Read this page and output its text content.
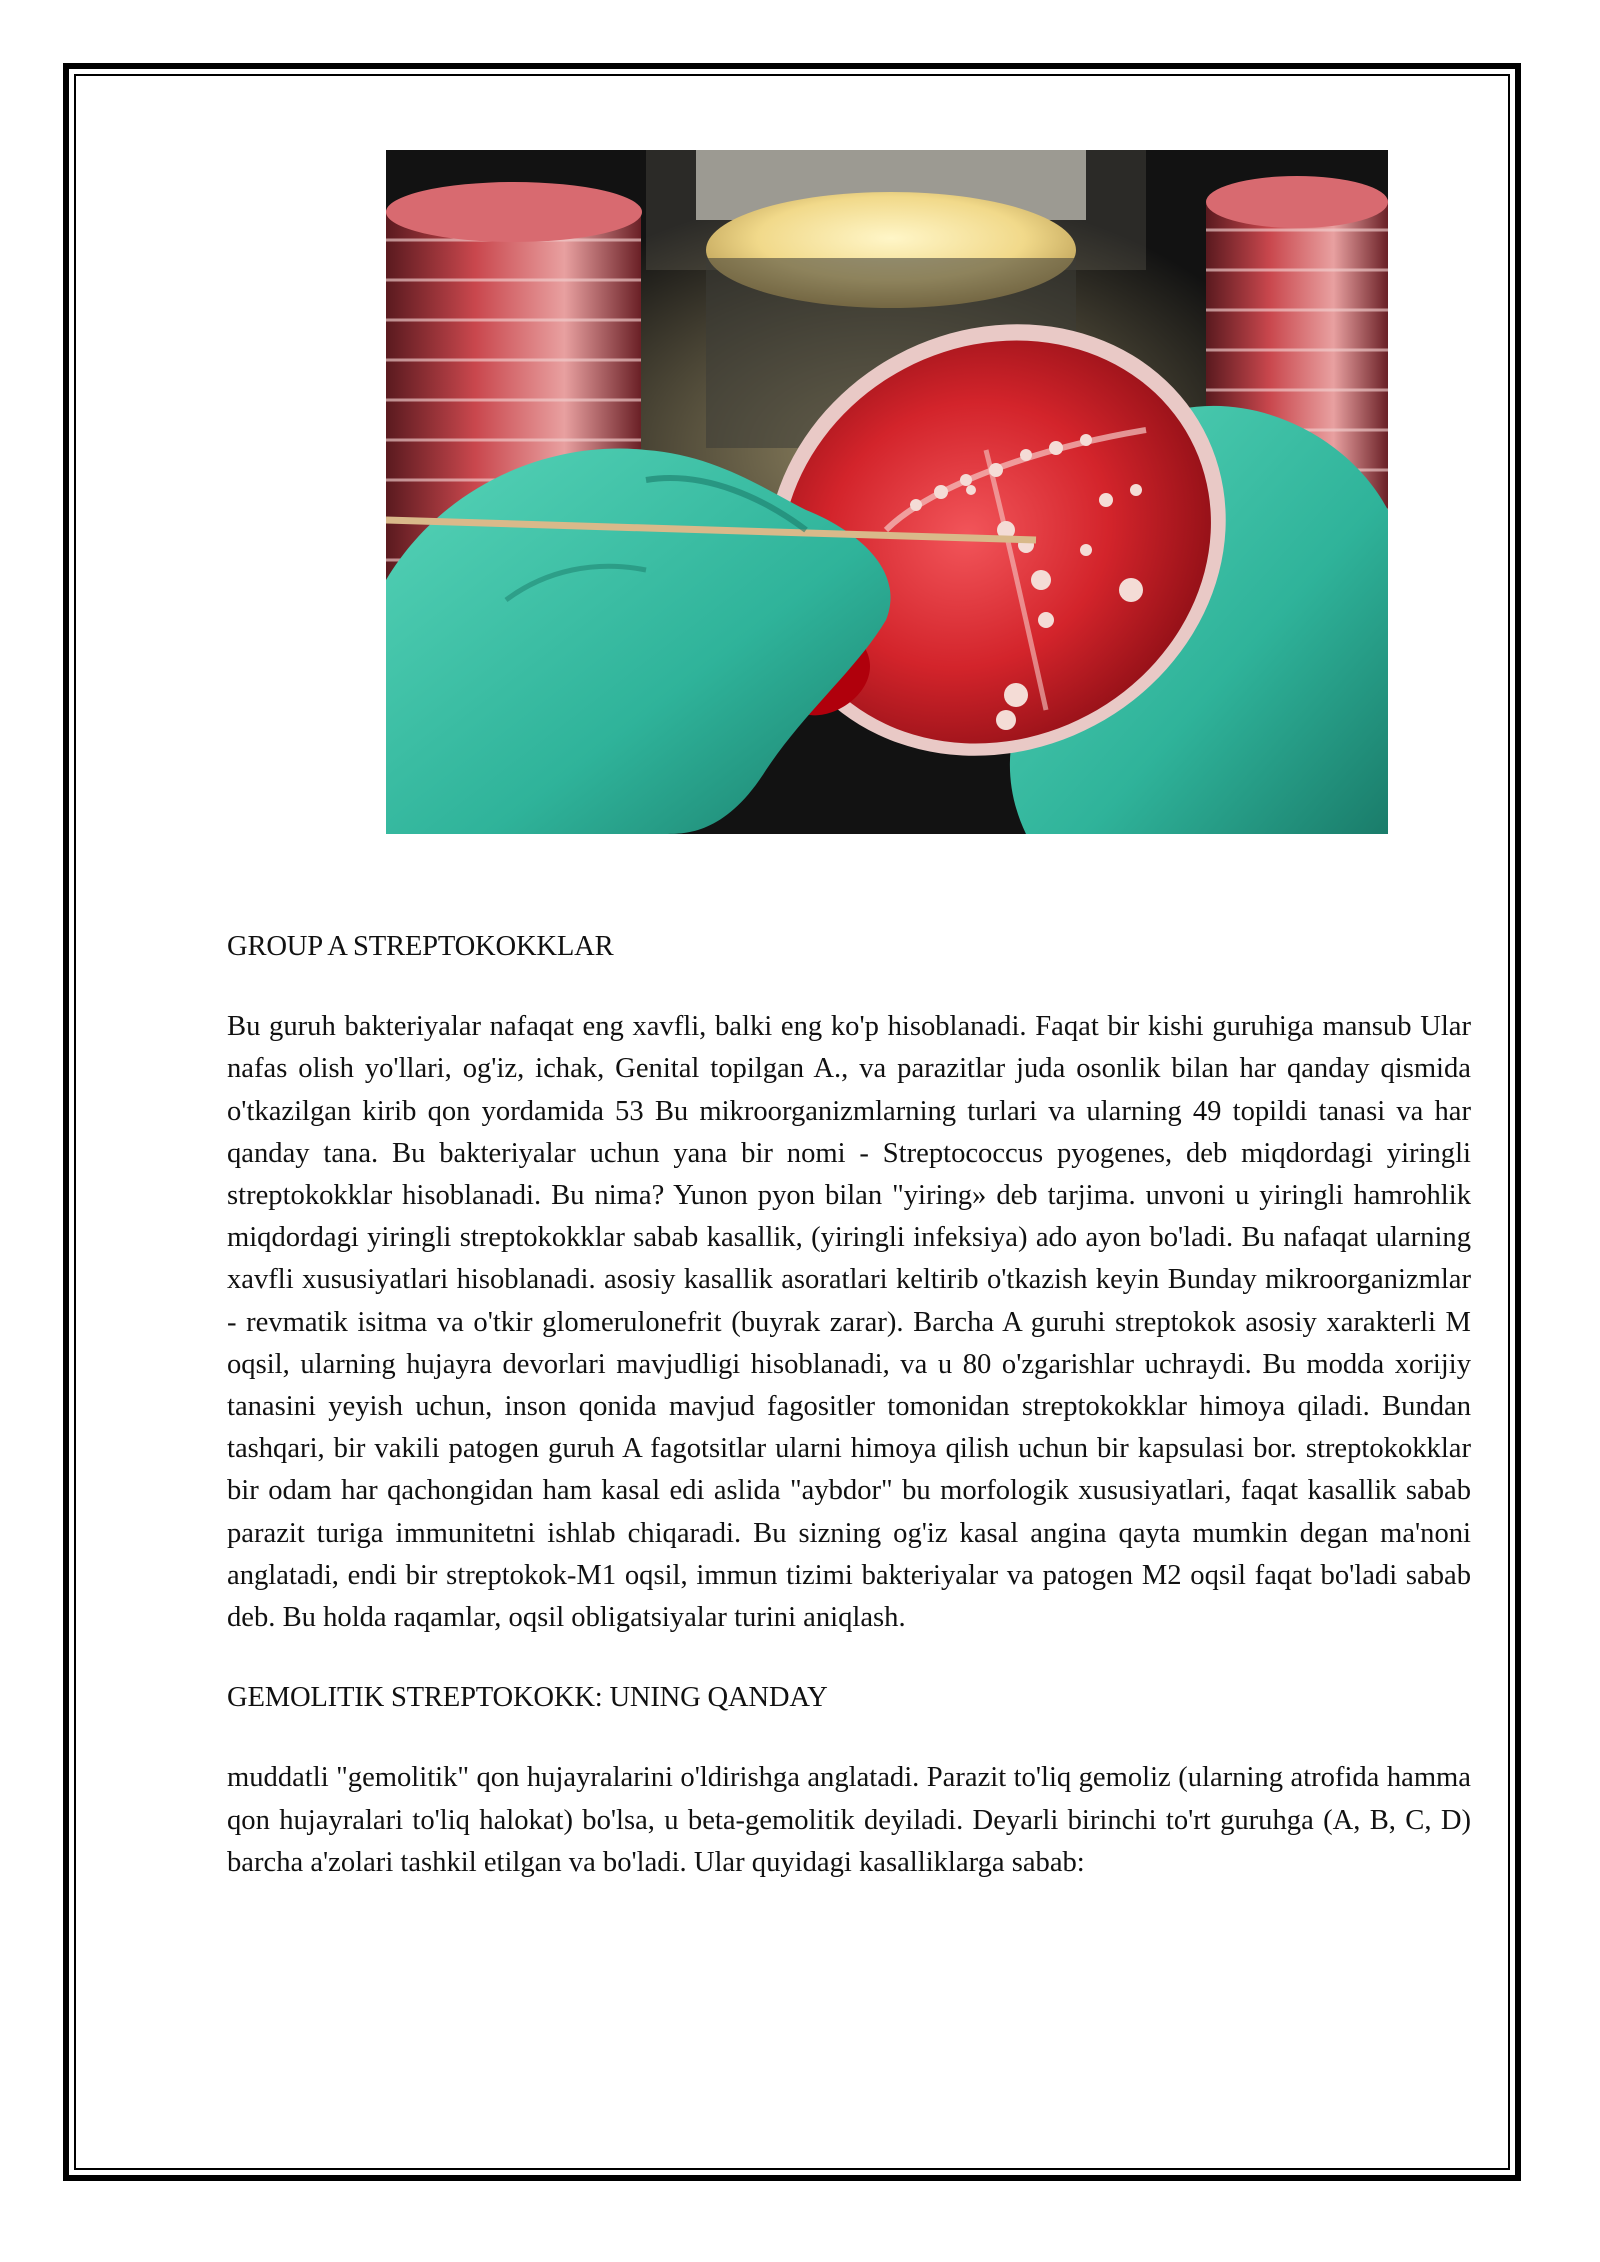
GROUP A STREPTOKOKKLAR

Bu guruh bakteriyalar nafaqat eng xavfli, balki eng ko'p hisoblanadi. Faqat bir kishi guruhiga mansub Ular nafas olish yo'llari, og'iz, ichak, Genital topilgan A., va parazitlar juda osonlik bilan har qanday qismida o'tkazilgan kirib qon yordamida 53 Bu mikroorganizmlarning turlari va ularning 49 topildi tanasi va har qanday tana. Bu bakteriyalar uchun yana bir nomi - Streptococcus pyogenes, deb miqdordagi yiringli streptokokklar hisoblanadi. Bu nima? Yunon pyon bilan "yiring» deb tarjima. unvoni u yiringli hamrohlik miqdordagi yiringli streptokokklar sabab kasallik, (yiringli infeksiya) ado ayon bo'ladi. Bu nafaqat ularning xavfli xususiyatlari hisoblanadi. asosiy kasallik asoratlari keltirib o'tkazish keyin Bunday mikroorganizmlar - revmatik isitma va o'tkir glomerulonefrit (buyrak zarar). Barcha A guruhi streptokok asosiy xarakterli M oqsil, ularning hujayra devorlari mavjudligi hisoblanadi, va u 80 o'zgarishlar uchraydi. Bu modda xorijiy tanasini yeyish uchun, inson qonida mavjud fagositler tomonidan streptokokklar himoya qiladi. Bundan tashqari, bir vakili patogen guruh A fagotsitlar ularni himoya qilish uchun bir kapsulasi bor. streptokokklar bir odam har qachongidan ham kasal edi aslida "aybdor" bu morfologik xususiyatlari, faqat kasallik sabab parazit turiga immunitetni ishlab chiqaradi. Bu sizning og'iz kasal angina qayta mumkin degan ma'noni anglatadi, endi bir streptokok-M1 oqsil, immun tizimi bakteriyalar va patogen M2 oqsil faqat bo'ladi sabab deb. Bu holda raqamlar, oqsil obligatsiyalar turini aniqlash.

GEMOLITIK STREPTOKOKK: UNING QANDAY

muddatli "gemolitik" qon hujayralarini o'ldirishga anglatadi. Parazit to'liq gemoliz (ularning atrofida hamma qon hujayralari to'liq halokat) bo'lsa, u beta-gemolitik deyiladi. Deyarli birinchi to'rt guruhga (A, B, C, D) barcha a'zolari tashkil etilgan va bo'ladi. Ular quyidagi kasalliklarga sabab:
